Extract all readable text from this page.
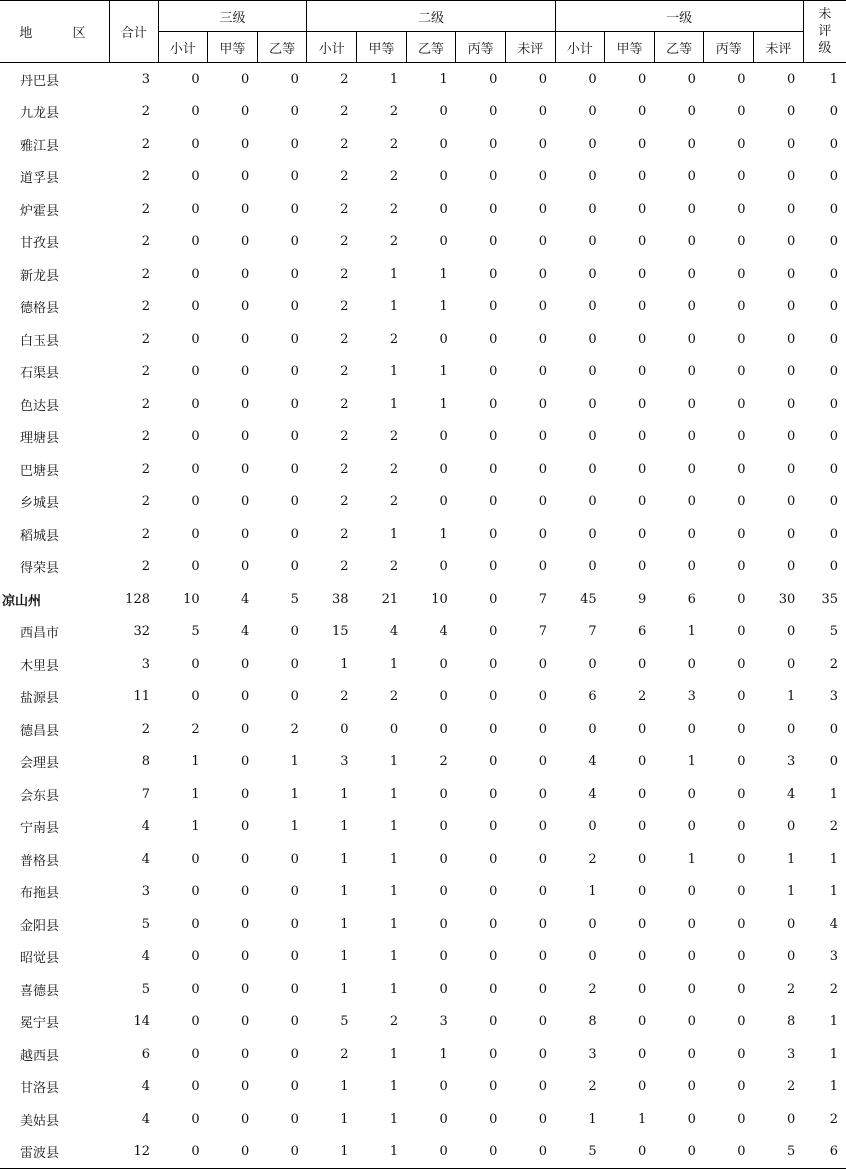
地 区	合计	三级			二级					一级					未
评
级
		小计	甲等	乙等	小计	甲等	乙等	丙等	未评	小计	甲等	乙等	丙等	未评	
丹巴县	3	0	0	0	2	1	1	0	0	0	0	0	0	0	1
九龙县	2	0	0	0	2	2	0	0	0	0	0	0	0	0	0
雅江县	2	0	0	0	2	2	0	0	0	0	0	0	0	0	0
道孚县	2	0	0	0	2	2	0	0	0	0	0	0	0	0	0
炉霍县	2	0	0	0	2	2	0	0	0	0	0	0	0	0	0
甘孜县	2	0	0	0	2	2	0	0	0	0	0	0	0	0	0
新龙县	2	0	0	0	2	1	1	0	0	0	0	0	0	0	0
德格县	2	0	0	0	2	1	1	0	0	0	0	0	0	0	0
白玉县	2	0	0	0	2	2	0	0	0	0	0	0	0	0	0
石渠县	2	0	0	0	2	1	1	0	0	0	0	0	0	0	0
色达县	2	0	0	0	2	1	1	0	0	0	0	0	0	0	0
理塘县	2	0	0	0	2	2	0	0	0	0	0	0	0	0	0
巴塘县	2	0	0	0	2	2	0	0	0	0	0	0	0	0	0
乡城县	2	0	0	0	2	2	0	0	0	0	0	0	0	0	0
稻城县	2	0	0	0	2	1	1	0	0	0	0	0	0	0	0
得荣县	2	0	0	0	2	2	0	0	0	0	0	0	0	0	0
凉山州	128	10	4	5	38	21	10	0	7	45	9	6	0	30	35
西昌市	32	5	4	0	15	4	4	0	7	7	6	1	0	0	5
木里县	3	0	0	0	1	1	0	0	0	0	0	0	0	0	2
盐源县	11	0	0	0	2	2	0	0	0	6	2	3	0	1	3
德昌县	2	2	0	2	0	0	0	0	0	0	0	0	0	0	0
会理县	8	1	0	1	3	1	2	0	0	4	0	1	0	3	0
会东县	7	1	0	1	1	1	0	0	0	4	0	0	0	4	1
宁南县	4	1	0	1	1	1	0	0	0	0	0	0	0	0	2
普格县	4	0	0	0	1	1	0	0	0	2	0	1	0	1	1
布拖县	3	0	0	0	1	1	0	0	0	1	0	0	0	1	1
金阳县	5	0	0	0	1	1	0	0	0	0	0	0	0	0	4
昭觉县	4	0	0	0	1	1	0	0	0	0	0	0	0	0	3
喜德县	5	0	0	0	1	1	0	0	0	2	0	0	0	2	2
冕宁县	14	0	0	0	5	2	3	0	0	8	0	0	0	8	1
越西县	6	0	0	0	2	1	1	0	0	3	0	0	0	3	1
甘洛县	4	0	0	0	1	1	0	0	0	2	0	0	0	2	1
美姑县	4	0	0	0	1	1	0	0	0	1	1	0	0	0	2
雷波县	12	0	0	0	1	1	0	0	0	5	0	0	0	5	6
